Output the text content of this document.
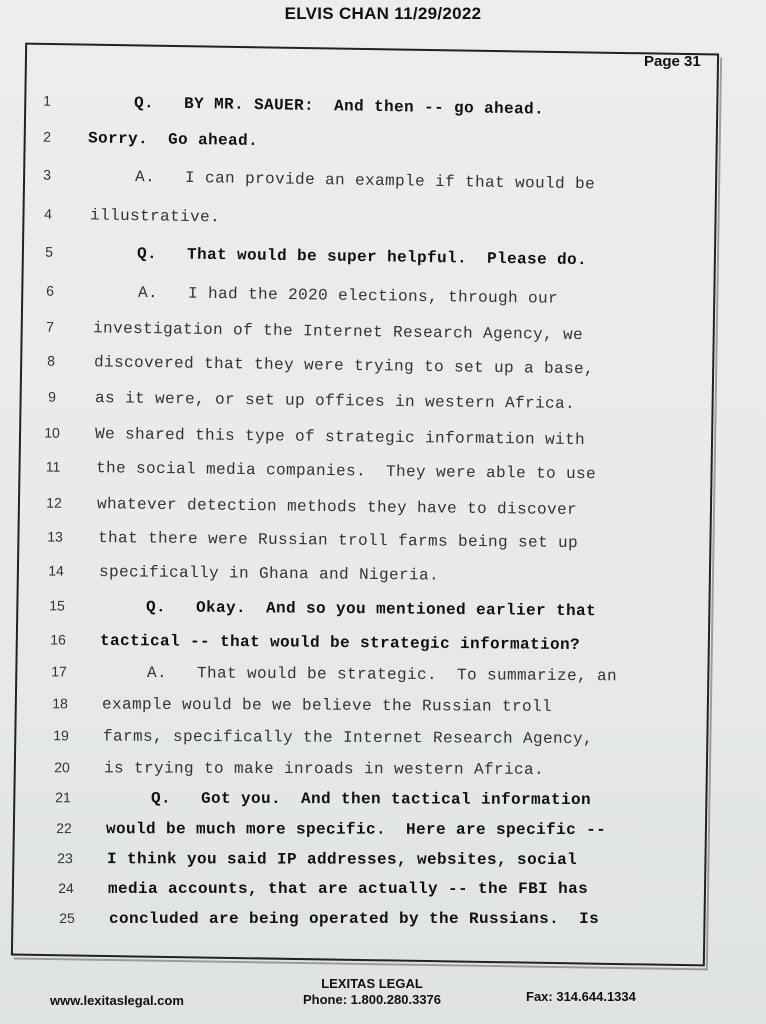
ELVIS CHAN 11/29/2022
Page 31
1	Q.   BY MR. SAUER:  And then -- go ahead.
2	Sorry.  Go ahead.
3	A.   I can provide an example if that would be
4	illustrative.
5	Q.   That would be super helpful.  Please do.
6	A.   I had the 2020 elections, through our
7	investigation of the Internet Research Agency, we
8	discovered that they were trying to set up a base,
9	as it were, or set up offices in western Africa.
10	We shared this type of strategic information with
11	the social media companies.  They were able to use
12	whatever detection methods they have to discover
13	that there were Russian troll farms being set up
14	specifically in Ghana and Nigeria.
15	Q.   Okay.  And so you mentioned earlier that
16	tactical -- that would be strategic information?
17	A.   That would be strategic.  To summarize, an
18	example would be we believe the Russian troll
19	farms, specifically the Internet Research Agency,
20	is trying to make inroads in western Africa.
21	Q.   Got you.  And then tactical information
22	would be much more specific.  Here are specific --
23	I think you said IP addresses, websites, social
24	media accounts, that are actually -- the FBI has
25	concluded are being operated by the Russians.  Is
LEXITAS LEGAL
Phone: 1.800.280.3376
www.lexitaslegal.com	Fax: 314.644.1334
